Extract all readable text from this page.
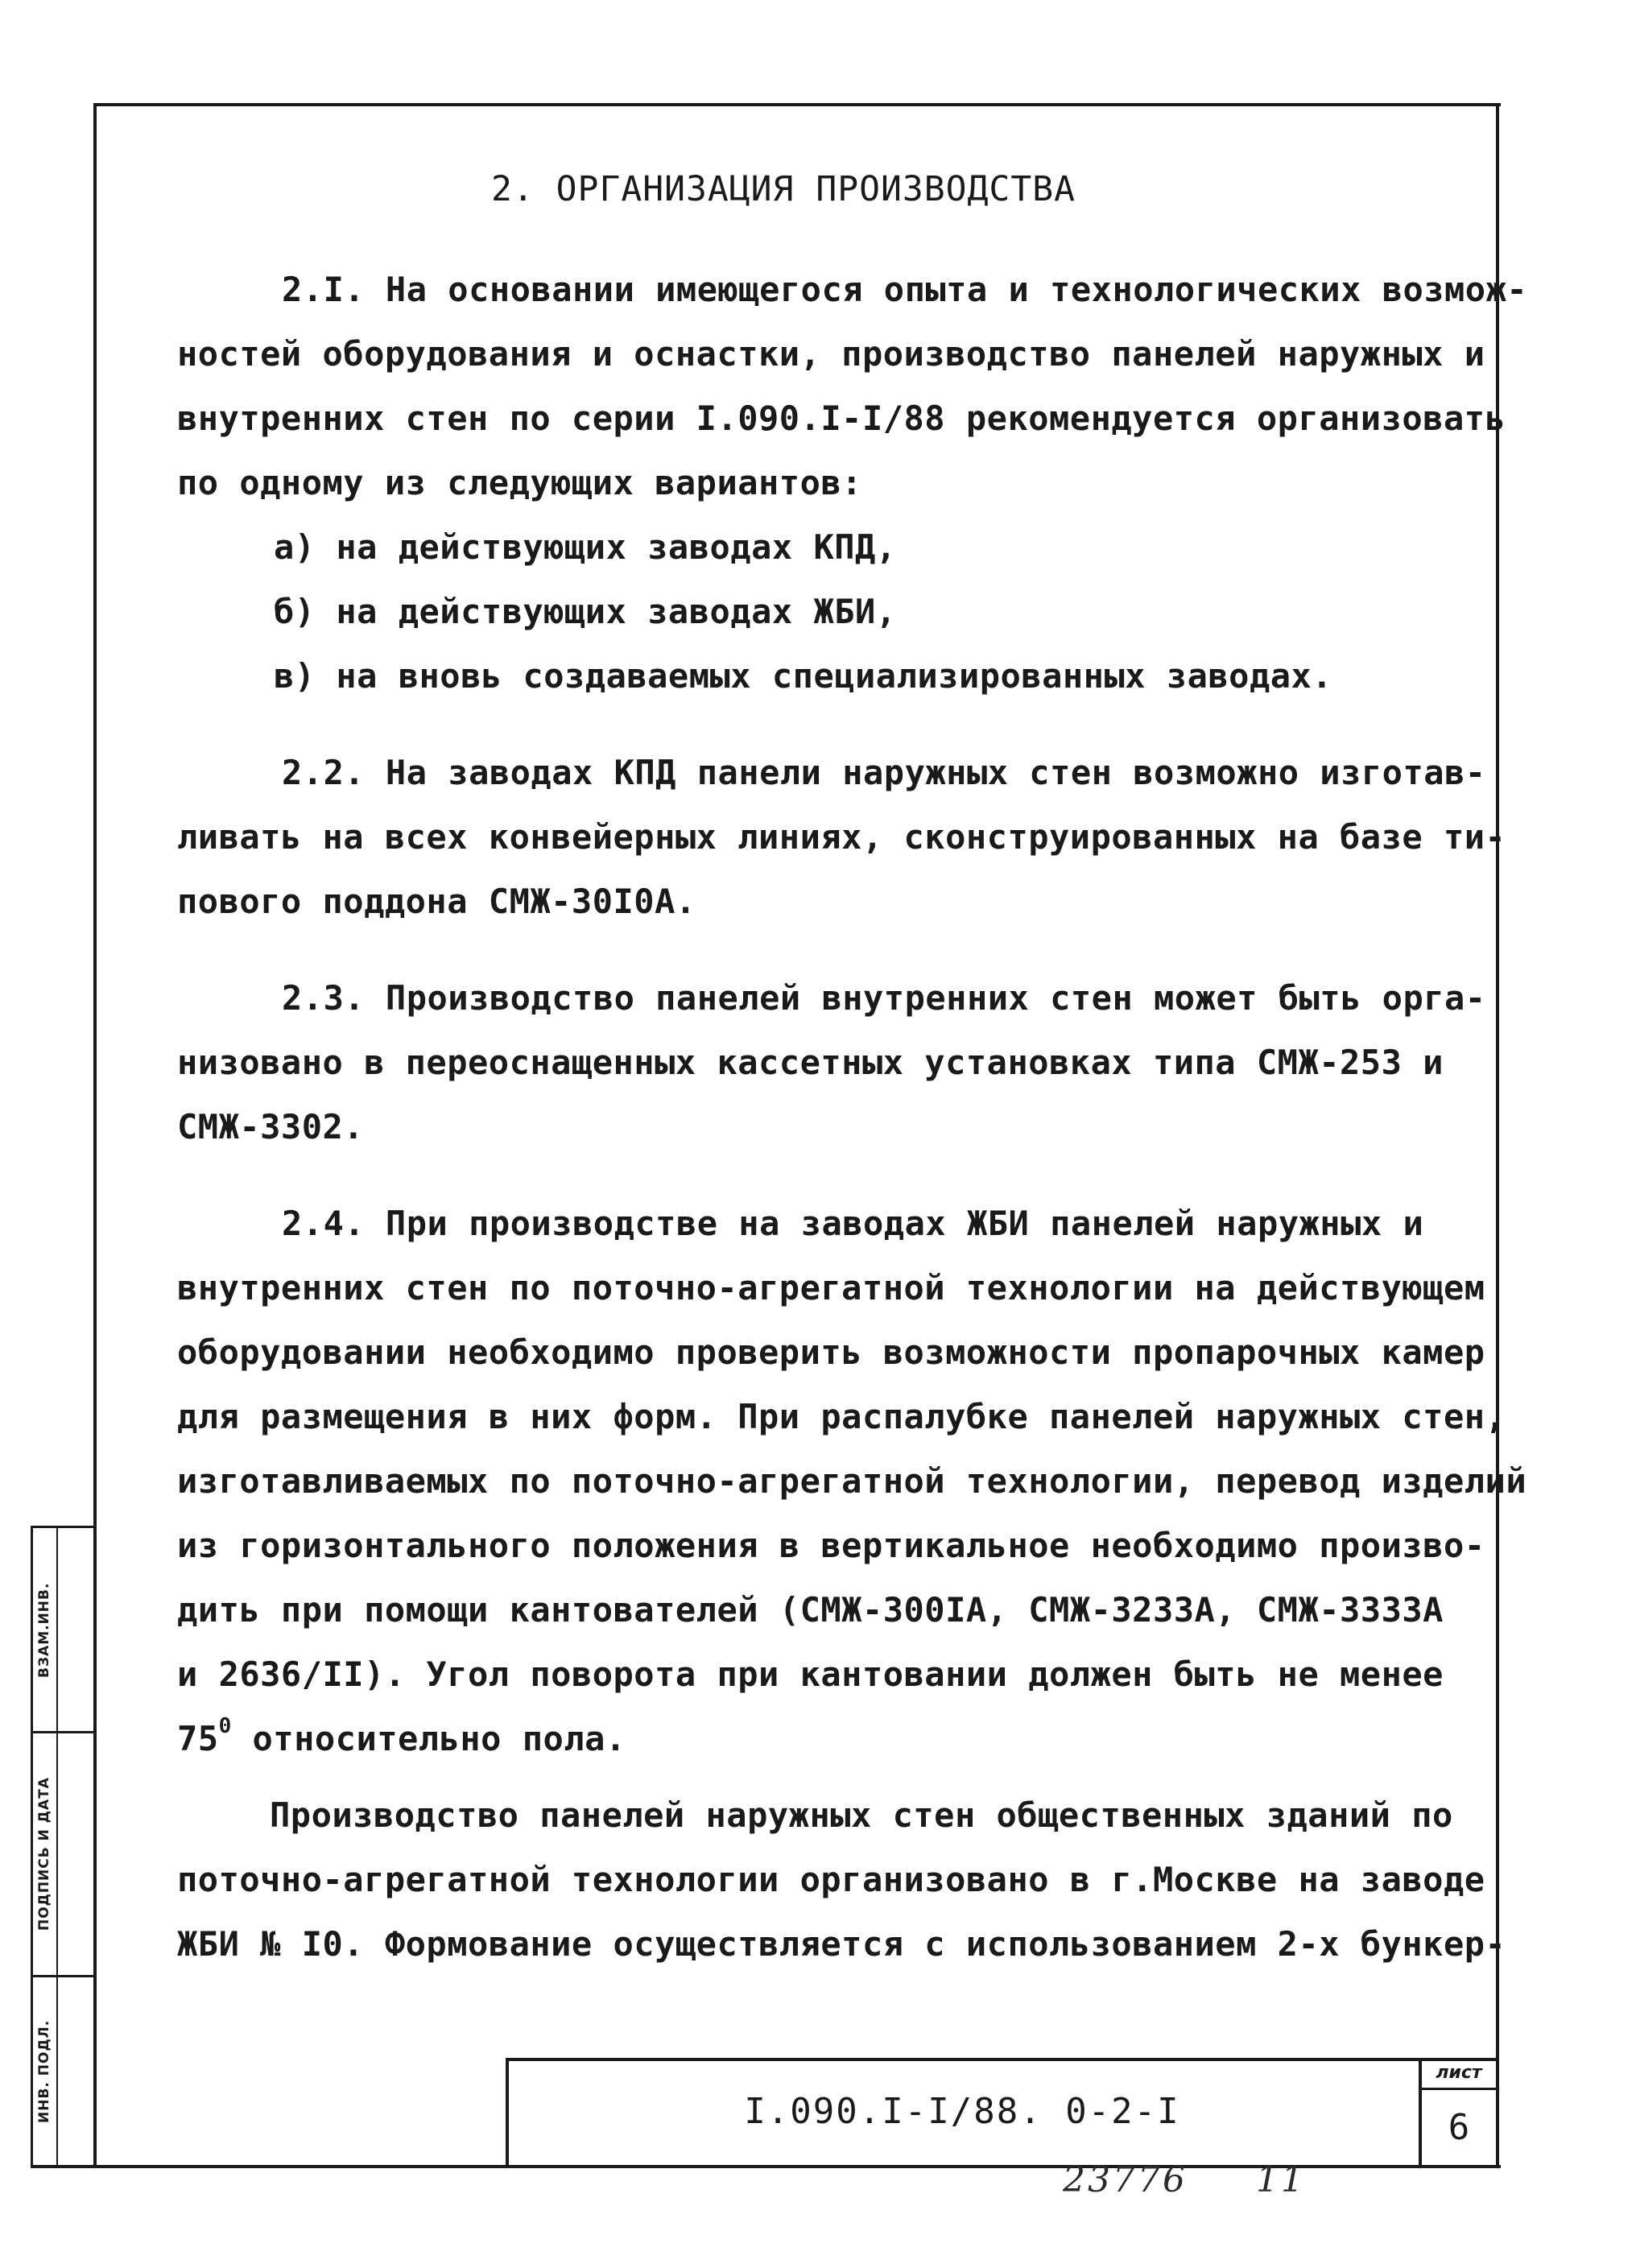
ВЗАМ.ИНВ.
ПОДПИСЬ И ДАТА
ИНВ. ПОДЛ.
2. ОРГАНИЗАЦИЯ ПРОИЗВОДСТВА
2.I. На основании имеющегося опыта и технологических возмож-
ностей оборудования и оснастки, производство панелей наружных и
внутренних стен по серии I.090.I-I/88 рекомендуется организовать
по одному из следующих вариантов:
а) на действующих заводах КПД,
б) на действующих заводах ЖБИ,
в) на вновь создаваемых специализированных заводах.
2.2. На заводах КПД панели наружных стен возможно изготав-
ливать на всех конвейерных линиях, сконструированных на базе ти-
пового поддона СМЖ-30I0А.
2.3. Производство панелей внутренних стен может быть орга-
низовано в переоснащенных кассетных установках типа СМЖ-253 и
СМЖ-3302.
2.4. При производстве на заводах ЖБИ панелей наружных и
внутренних стен по поточно-агрегатной технологии на действующем
оборудовании необходимо проверить возможности пропарочных камер
для размещения в них форм. При распалубке панелей наружных стен,
изготавливаемых по поточно-агрегатной технологии, перевод изделий
из горизонтального положения в вертикальное необходимо произво-
дить при помощи кантователей (СМЖ-300IА, СМЖ-3233А, СМЖ-3333А
и 2636/II). Угол поворота при кантовании должен быть не менее
$75^0$ относительно пола.
Производство панелей наружных стен общественных зданий по
поточно-агрегатной технологии организовано в г.Москве на заводе
ЖБИ № I0. Формование осуществляется с использованием 2-х бункер-
I.090.I-I/88. 0-2-I
лист
6
23776 11
